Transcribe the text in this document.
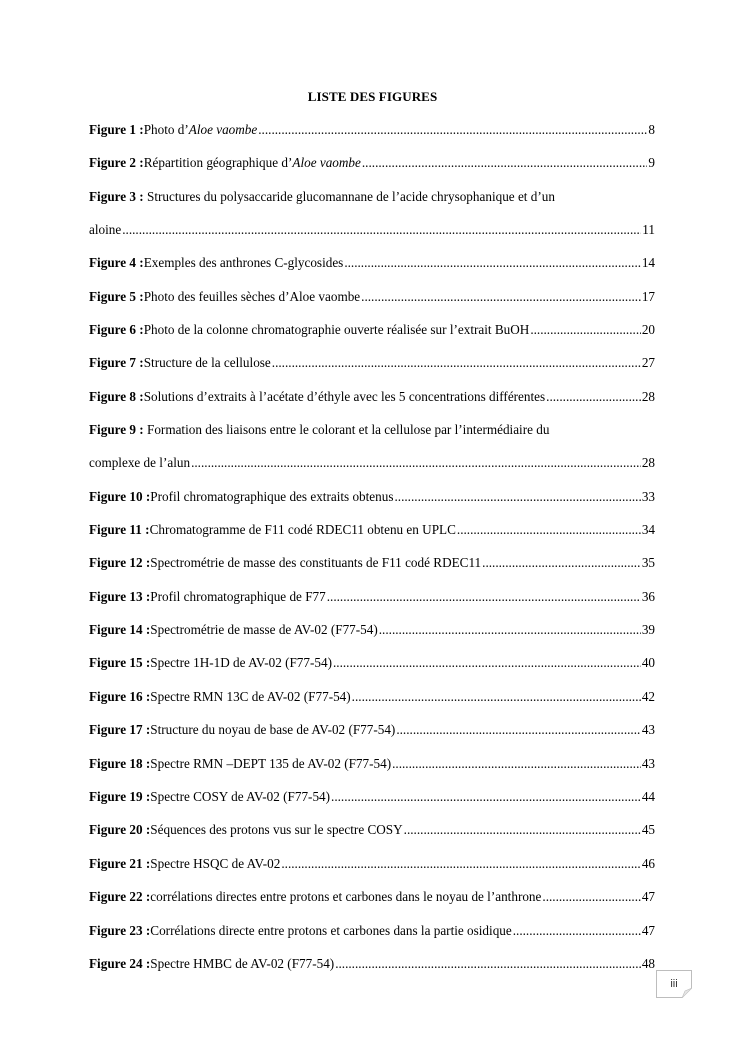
LISTE DES FIGURES
Figure 1 : Photo d’ Aloe vaombe .....	8
Figure 2 : Répartition géographique d’ Aloe vaombe .....	9
Figure 3 : Structures du polysaccaride glucomannane de l’acide chrysophanique et d’un
aloine .....	11
Figure 4 : Exemples des anthrones C-glycosides .....	14
Figure 5 : Photo des feuilles sèches d’Aloe vaombe .....	17
Figure 6 : Photo de la colonne chromatographie ouverte réalisée sur l’extrait BuOH .....	20
Figure 7 : Structure de la cellulose .....	27
Figure 8 : Solutions d’extraits à l’acétate d’éthyle avec les 5 concentrations différentes .....	28
Figure 9 : Formation des liaisons entre le colorant et la cellulose par l’intermédiaire du
complexe de l’alun .....	28
Figure 10 : Profil chromatographique des extraits obtenus .....	33
Figure 11 : Chromatogramme de F11 codé RDEC11 obtenu en UPLC .....	34
Figure 12 : Spectrométrie de masse des constituants de F11 codé RDEC11 .....	35
Figure 13 : Profil chromatographique de F77 .....	36
Figure 14 : Spectrométrie de masse de AV-02 (F77-54) .....	39
Figure 15 : Spectre 1H-1D de AV-02 (F77-54) .....	40
Figure 16 : Spectre RMN 13C de AV-02 (F77-54) .....	42
Figure 17 : Structure du noyau de base de AV-02 (F77-54) .....	43
Figure 18 : Spectre RMN –DEPT 135 de AV-02 (F77-54) .....	43
Figure 19 : Spectre COSY de AV-02 (F77-54) .....	44
Figure 20 : Séquences des protons vus sur le spectre COSY .....	45
Figure 21 : Spectre HSQC de AV-02 .....	46
Figure 22 : corrélations directes entre protons et carbones dans le noyau de l’anthrone .....	47
Figure 23 : Corrélations directe entre protons et carbones dans la partie osidique .....	47
Figure 24 : Spectre HMBC de AV-02 (F77-54) .....	48
iii
